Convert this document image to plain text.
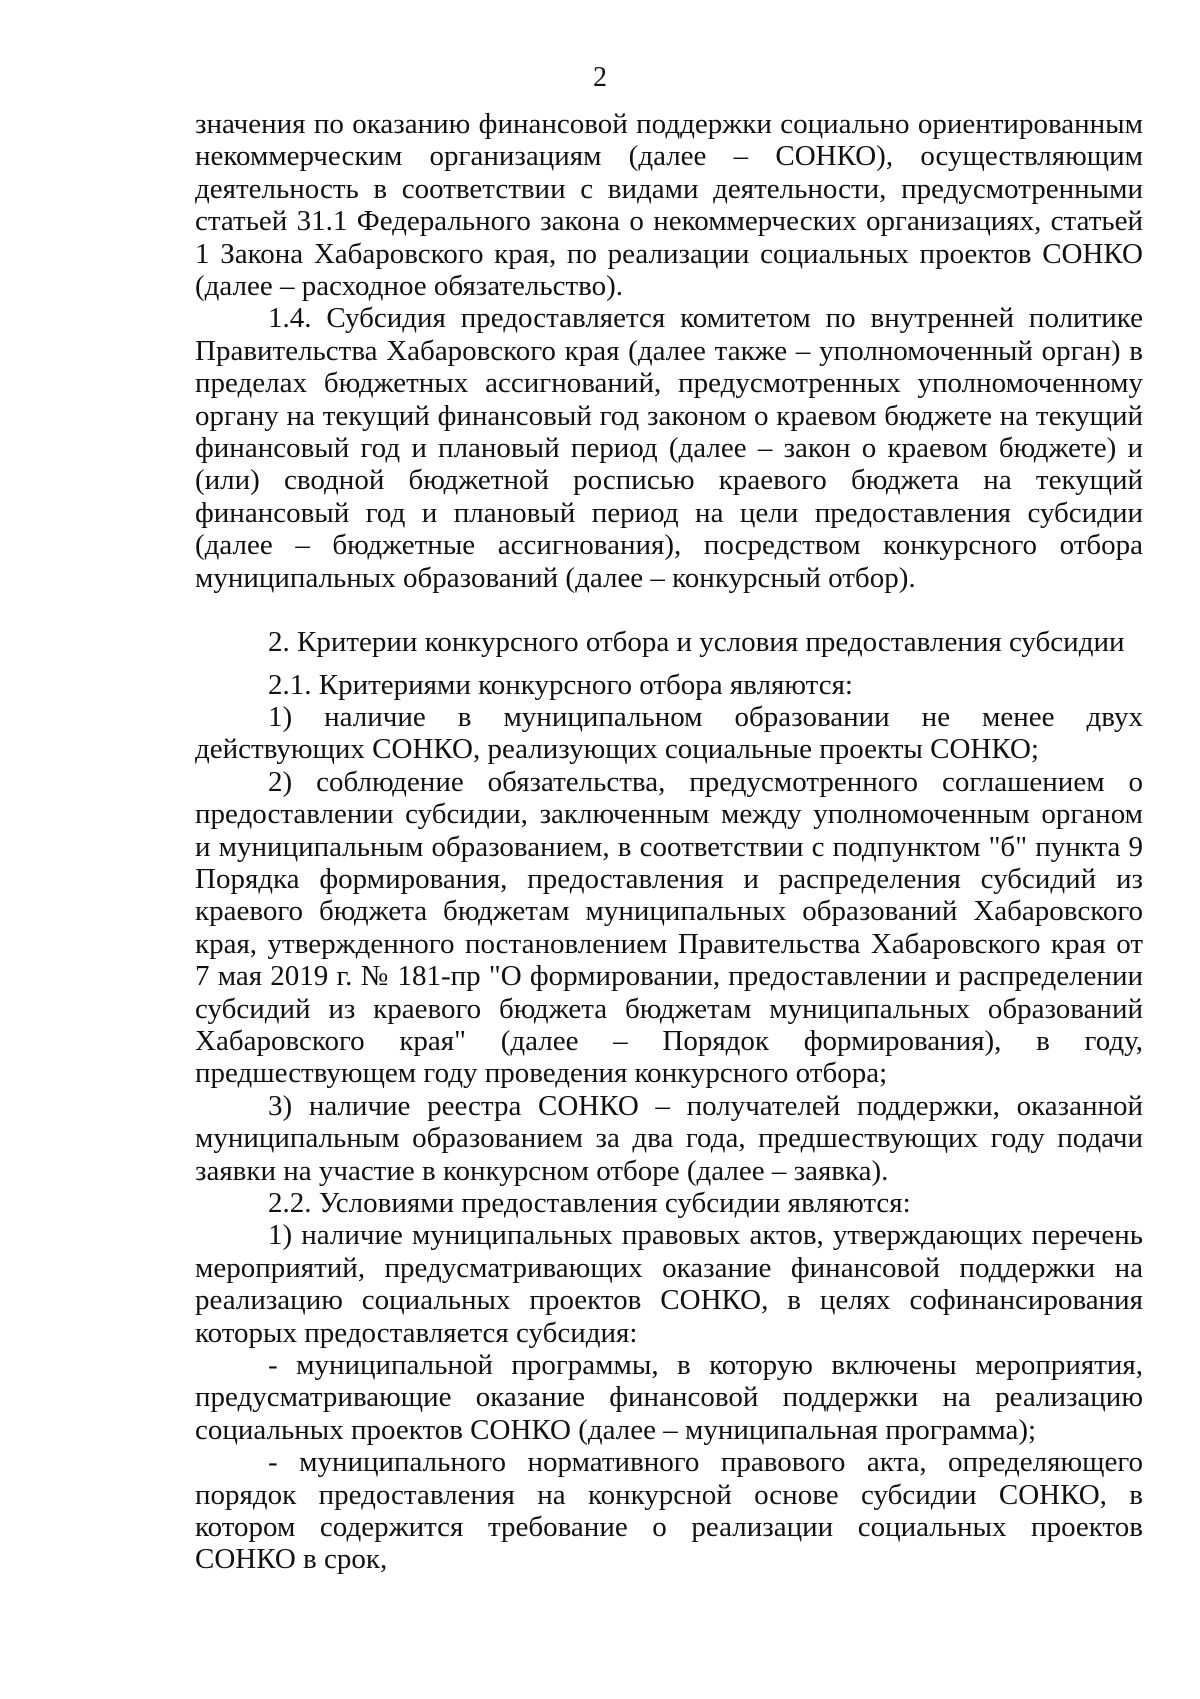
2

значения по оказанию финансовой поддержки социально ориентированным некоммерческим организациям (далее – СОНКО), осуществляющим деятельность в соответствии с видами деятельности, предусмотренными статьей 31.1 Федерального закона о некоммерческих организациях, статьей 1 Закона Хабаровского края, по реализации социальных проектов СОНКО (далее – расходное обязательство).

1.4. Субсидия предоставляется комитетом по внутренней политике Правительства Хабаровского края (далее также – уполномоченный орган) в пределах бюджетных ассигнований, предусмотренных уполномоченному органу на текущий финансовый год законом о краевом бюджете на текущий финансовый год и плановый период (далее – закон о краевом бюджете) и (или) сводной бюджетной росписью краевого бюджета на текущий финансовый год и плановый период на цели предоставления субсидии (далее – бюджетные ассигнования), посредством конкурсного отбора муниципальных образований (далее – конкурсный отбор).

2. Критерии конкурсного отбора и условия предоставления субсидии

2.1. Критериями конкурсного отбора являются:

1) наличие в муниципальном образовании не менее двух действующих СОНКО, реализующих социальные проекты СОНКО;

2) соблюдение обязательства, предусмотренного соглашением о предоставлении субсидии, заключенным между уполномоченным органом и муниципальным образованием, в соответствии с подпунктом "б" пункта 9 Порядка формирования, предоставления и распределения субсидий из краевого бюджета бюджетам муниципальных образований Хабаровского края, утвержденного постановлением Правительства Хабаровского края от 7 мая 2019 г. № 181-пр "О формировании, предоставлении и распределении субсидий из краевого бюджета бюджетам муниципальных образований Хабаровского края" (далее – Порядок формирования), в году, предшествующем году проведения конкурсного отбора;

3) наличие реестра СОНКО – получателей поддержки, оказанной муниципальным образованием за два года, предшествующих году подачи заявки на участие в конкурсном отборе (далее – заявка).

2.2. Условиями предоставления субсидии являются:

1) наличие муниципальных правовых актов, утверждающих перечень мероприятий, предусматривающих оказание финансовой поддержки на реализацию социальных проектов СОНКО, в целях софинансирования которых предоставляется субсидия:

- муниципальной программы, в которую включены мероприятия, предусматривающие оказание финансовой поддержки на реализацию социальных проектов СОНКО (далее – муниципальная программа);

- муниципального нормативного правового акта, определяющего порядок предоставления на конкурсной основе субсидии СОНКО, в котором содержится требование о реализации социальных проектов СОНКО в срок,
